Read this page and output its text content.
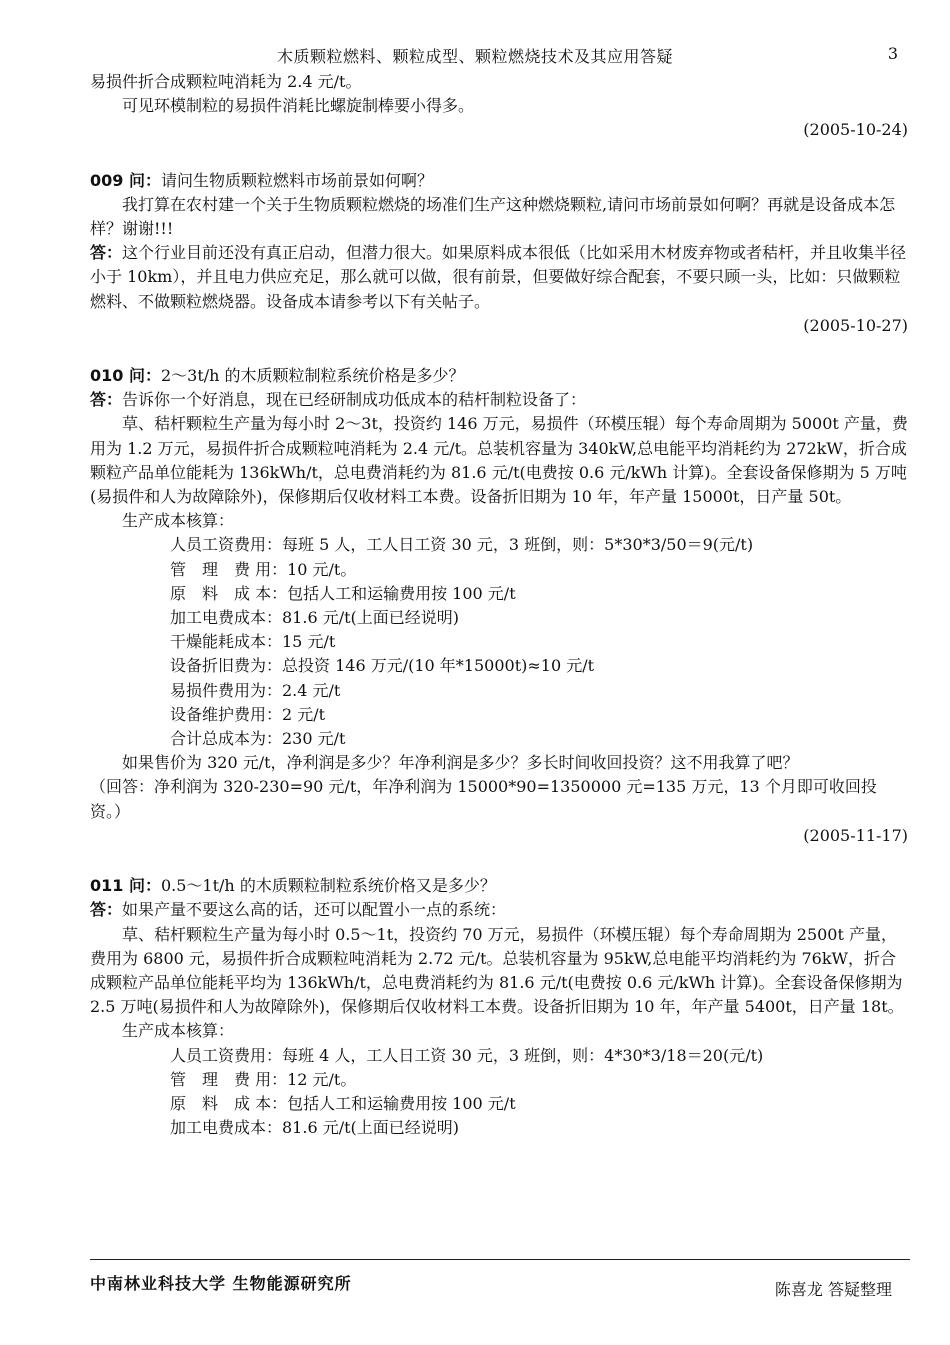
木质颗粒燃料、颗粒成型、颗粒燃烧技术及其应用答疑	3

易损件折合成颗粒吨消耗为 2.4 元/t。

可见环模制粒的易损件消耗比螺旋制棒要小得多。

(2005-10-24)

009 问：请问生物质颗粒燃料市场前景如何啊？

我打算在农村建一个关于生物质颗粒燃烧的场准们生产这种燃烧颗粒,请问市场前景如何啊？再就是设备成本怎样？谢谢!!!

答：这个行业目前还没有真正启动，但潜力很大。如果原料成本很低（比如采用木材废弃物或者秸杆，并且收集半径小于 10km），并且电力供应充足，那么就可以做，很有前景，但要做好综合配套，不要只顾一头，比如：只做颗粒燃料、不做颗粒燃烧器。设备成本请参考以下有关帖子。

(2005-10-27)

010 问：2～3t/h 的木质颗粒制粒系统价格是多少？

答：告诉你一个好消息，现在已经研制成功低成本的秸杆制粒设备了：

草、秸杆颗粒生产量为每小时 2～3t，投资约 146 万元，易损件（环模压辊）每个寿命周期为 5000t 产量，费用为 1.2 万元，易损件折合成颗粒吨消耗为 2.4 元/t。总装机容量为 340kW,总电能平均消耗约为 272kW，折合成颗粒产品单位能耗为 136kWh/t，总电费消耗约为 81.6 元/t(电费按 0.6 元/kWh 计算)。全套设备保修期为 5 万吨(易损件和人为故障除外)，保修期后仅收材料工本费。设备折旧期为 10 年，年产量 15000t，日产量 50t。

生产成本核算：

人员工资费用：每班 5 人，工人日工资 30 元，3 班倒，则：5*30*3/50＝9(元/t)

管　理　费 用：10 元/t。

原　料　成 本：包括人工和运输费用按 100 元/t

加工电费成本：81.6 元/t(上面已经说明)

干燥能耗成本：15 元/t

设备折旧费为：总投资 146 万元/(10 年*15000t)≈10 元/t

易损件费用为：2.4 元/t

设备维护费用：2 元/t

合计总成本为：230 元/t

如果售价为 320 元/t，净利润是多少？年净利润是多少？多长时间收回投资？这不用我算了吧？

（回答：净利润为 320-230=90 元/t，年净利润为 15000*90=1350000 元=135 万元，13 个月即可收回投资。）

(2005-11-17)

011 问：0.5～1t/h 的木质颗粒制粒系统价格又是多少？

答：如果产量不要这么高的话，还可以配置小一点的系统：

草、秸杆颗粒生产量为每小时 0.5～1t，投资约 70 万元，易损件（环模压辊）每个寿命周期为 2500t 产量，费用为 6800 元，易损件折合成颗粒吨消耗为 2.72 元/t。总装机容量为 95kW,总电能平均消耗约为 76kW，折合成颗粒产品单位能耗平均为 136kWh/t，总电费消耗约为 81.6 元/t(电费按 0.6 元/kWh 计算)。全套设备保修期为 2.5 万吨(易损件和人为故障除外)，保修期后仅收材料工本费。设备折旧期为 10 年，年产量 5400t，日产量 18t。

生产成本核算：

人员工资费用：每班 4 人，工人日工资 30 元，3 班倒，则：4*30*3/18＝20(元/t)

管　理　费 用：12 元/t。

原　料　成 本：包括人工和运输费用按 100 元/t

加工电费成本：81.6 元/t(上面已经说明)

中南林业科技大学 生物能源研究所	陈喜龙 答疑整理
